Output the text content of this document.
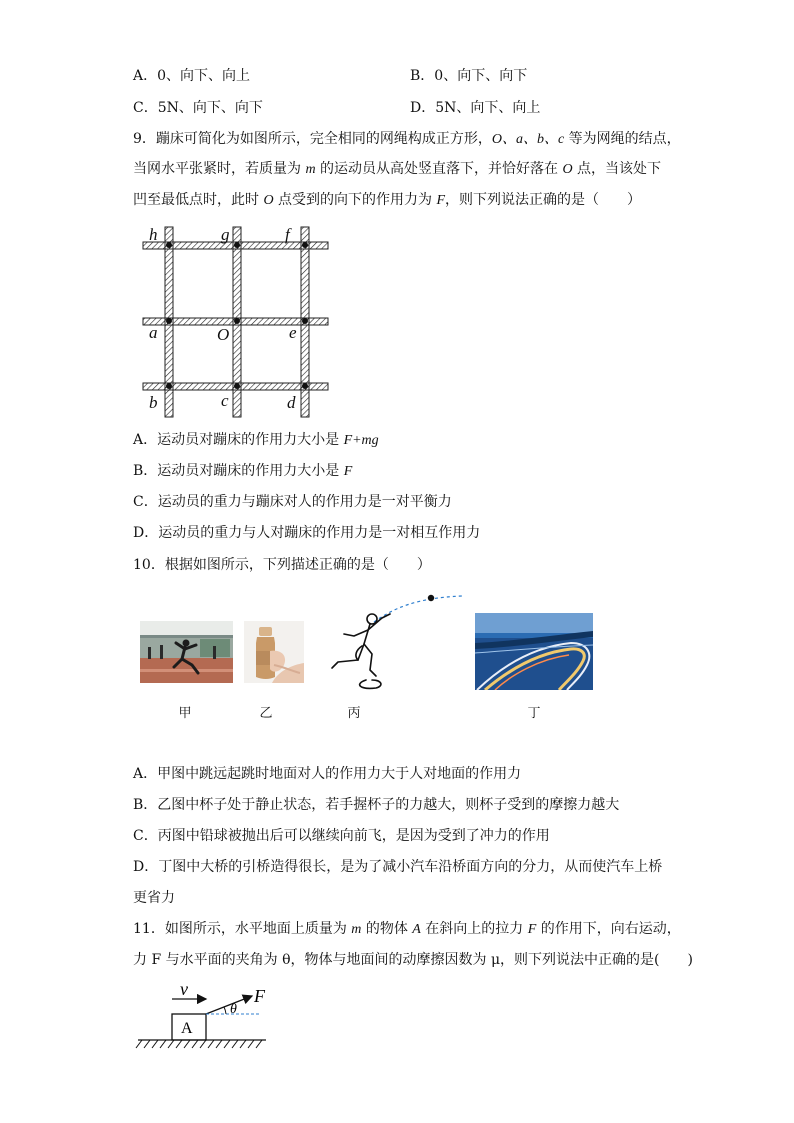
A．0、向下、向上	B．0、向下、向下
C．5N、向下、向下	D．5N、向下、向上
9．蹦床可简化为如图所示，完全相同的网绳构成正方形，O、a、b、c 等为网绳的结点，
当网水平张紧时，若质量为 m 的运动员从高处竖直落下，并恰好落在 O 点，当该处下
凹至最低点时，此时 O 点受到的向下的作用力为 F，则下列说法正确的是（　　）
h	g	f
a	O	e
b	c	d
A．运动员对蹦床的作用力大小是 F+mg
B．运动员对蹦床的作用力大小是 F
C．运动员的重力与蹦床对人的作用力是一对平衡力
D．运动员的重力与人对蹦床的作用力是一对相互作用力
10．根据如图所示，下列描述正确的是（　　）
甲	乙	丙	丁
A．甲图中跳远起跳时地面对人的作用力大于人对地面的作用力
B．乙图中杯子处于静止状态，若手握杯子的力越大，则杯子受到的摩擦力越大
C．丙图中铅球被抛出后可以继续向前飞，是因为受到了冲力的作用
D．丁图中大桥的引桥造得很长，是为了减小汽车沿桥面方向的分力，从而使汽车上桥
更省力
11．如图所示，水平地面上质量为 m 的物体 A 在斜向上的拉力 F 的作用下，向右运动，
力 F 与水平面的夹角为 θ，物体与地面间的动摩擦因数为 μ，则下列说法中正确的是(　　)
v
A
θ
F
